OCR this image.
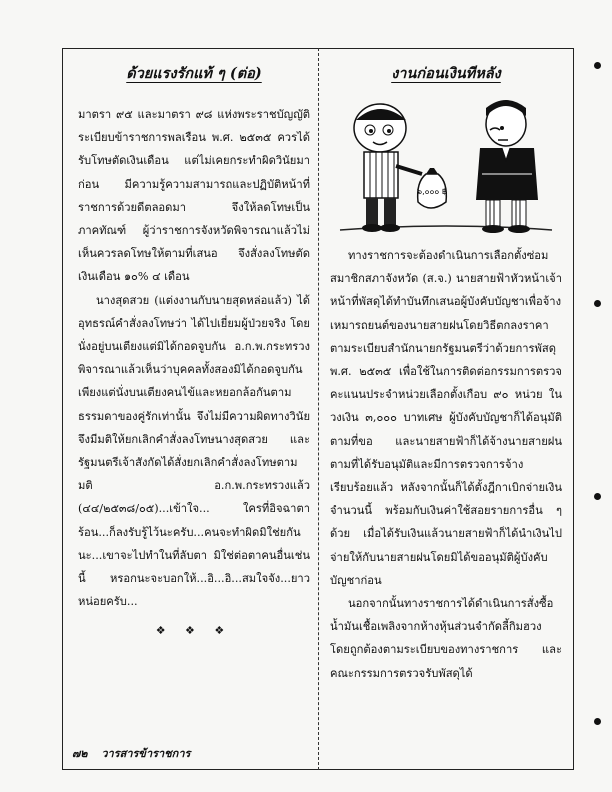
ด้วยแรงรักแท้ ๆ (ต่อ)

มาตรา ๙๕ และมาตรา ๙๘ แห่งพระราชบัญญัติระเบียบข้าราชการพลเรือน พ.ศ. ๒๕๓๕ ควรได้รับโทษตัดเงินเดือน แต่ไม่เคยกระทำผิดวินัยมาก่อน มีความรู้ความสามารถและปฏิบัติหน้าที่ราชการด้วยดีตลอดมา จึงให้ลดโทษเป็นภาคทัณฑ์ ผู้ว่าราชการจังหวัดพิจารณาแล้วไม่เห็นควรลดโทษให้ตามที่เสนอ จึงสั่งลงโทษตัดเงินเดือน ๑๐% ๔ เดือน

นางสุดสวย (แต่งงานกับนายสุดหล่อแล้ว) ได้อุทธรณ์คำสั่งลงโทษว่า ได้ไปเยี่ยมผู้ป่วยจริง โดยนั่งอยู่บนเตียงแต่มิได้กอดจูบกัน อ.ก.พ.กระทรวง พิจารณาแล้วเห็นว่าบุคคลทั้งสองมิได้กอดจูบกัน เพียงแต่นั่งบนเตียงคนไข้และหยอกล้อกันตามธรรมดาของคู่รักเท่านั้น จึงไม่มีความผิดทางวินัย จึงมีมติให้ยกเลิกคำสั่งลงโทษนางสุดสวย และรัฐมนตรีเจ้าสังกัดได้สั่งยกเลิกคำสั่งลงโทษตามมติ อ.ก.พ.กระทรวงแล้ว (๔๔/๒๕๓๘/๐๕)...เข้าใจ... ใครที่อิจฉาตาร้อน...ก็ลงรับรู้ไว้นะครับ...คนจะทำผิดมิใช่ยกันนะ...เขาจะไปทำในที่ลับตา มิใช่ต่อตาคนอื่นเช่นนี้ หรอกนะจะบอกให้...อิ...อิ...สมใจจัง...ยาวหน่อยครับ...

❖ ❖ ❖
งานก่อนเงินทีหลัง
๖,๐๐๐ ฿

ทางราชการจะต้องดำเนินการเลือกตั้งซ่อมสมาชิกสภาจังหวัด (ส.จ.) นายสายฟ้าหัวหน้าเจ้าหน้าที่พัสดุได้ทำบันทึกเสนอผู้บังคับบัญชาเพื่อจ้างเหมารถยนต์ของนายสายฝนโดยวิธีตกลงราคาตามระเบียบสำนักนายกรัฐมนตรีว่าด้วยการพัสดุ พ.ศ. ๒๕๓๕ เพื่อใช้ในการติดต่อกรรมการตรวจคะแนนประจำหน่วยเลือกตั้งเกือบ ๙๐ หน่วย ในวงเงิน ๓,๐๐๐ บาทเศษ ผู้บังคับบัญชาก็ได้อนุมัติตามที่ขอ และนายสายฟ้าก็ได้จ้างนายสายฝนตามที่ได้รับอนุมัติและมีการตรวจการจ้างเรียบร้อยแล้ว หลังจากนั้นก็ได้ตั้งฎีกาเบิกจ่ายเงินจำนวนนี้ พร้อมกับเงินค่าใช้สอยรายการอื่น ๆ ด้วย เมื่อได้รับเงินแล้วนายสายฟ้าก็ได้นำเงินไปจ่ายให้กับนายสายฝนโดยมิได้ขออนุมัติผู้บังคับบัญชาก่อน

นอกจากนั้นทางราชการได้ดำเนินการสั่งซื้อน้ำมันเชื้อเพลิงจากห้างหุ้นส่วนจำกัดลี้กิมฮวง โดยถูกต้องตามระเบียบของทางราชการ และคณะกรรมการตรวจรับพัสดุได้

๗๒ วารสารข้าราชการ
